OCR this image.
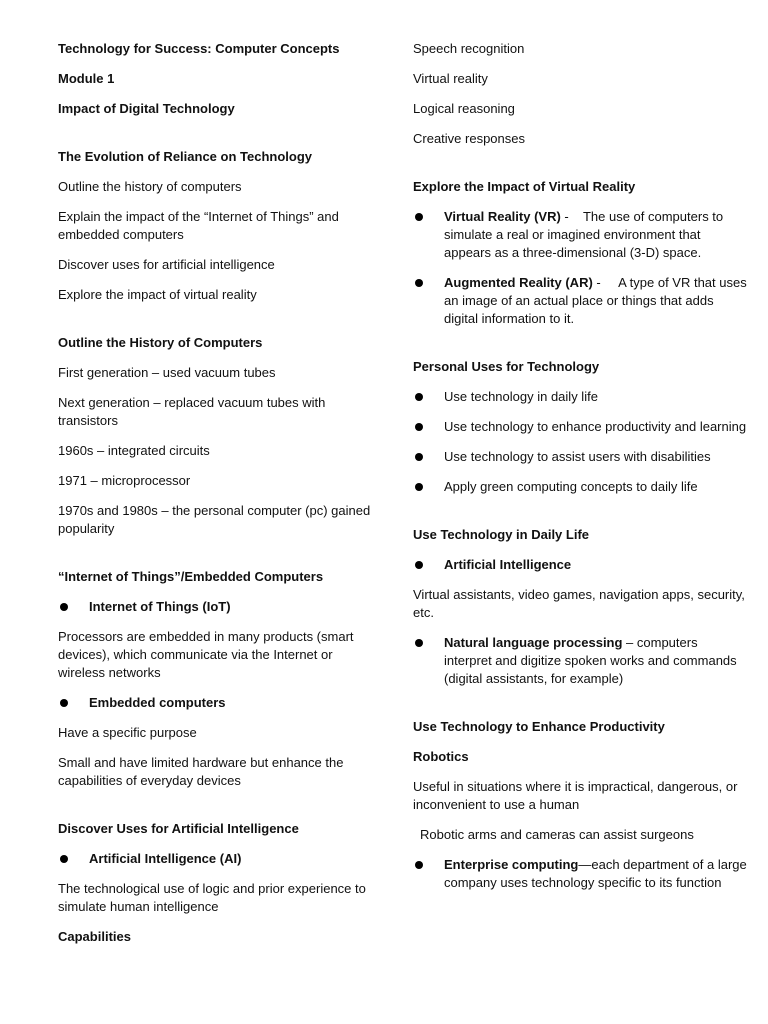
Technology for Success: Computer Concepts

Module 1

Impact of Digital Technology

The Evolution of Reliance on Technology

Outline the history of computers

Explain the impact of the “Internet of Things” and embedded computers

Discover uses for artificial intelligence

Explore the impact of virtual reality

Outline the History of Computers

First generation – used vacuum tubes

Next generation – replaced vacuum tubes with transistors

1960s – integrated circuits

1971 – microprocessor

1970s and 1980s – the personal computer (pc) gained popularity

“Internet of Things”/Embedded Computers

Internet of Things (IoT)

Processors are embedded in many products (smart devices), which communicate via the Internet or wireless networks

Embedded computers

Have a specific purpose

Small and have limited hardware but enhance the capabilities of everyday devices

Discover Uses for Artificial Intelligence

Artificial Intelligence (AI)

The technological use of logic and prior experience to simulate human intelligence

Capabilities

Speech recognition

Virtual reality

Logical reasoning

Creative responses

Explore the Impact of Virtual Reality

Virtual Reality (VR) -    The use of computers to simulate a real or imagined environment that appears as a three-dimensional (3-D) space.
Augmented Reality (AR) -     A type of VR that uses an image of an actual place or things that adds digital information to it.

Personal Uses for Technology

Use technology in daily life
Use technology to enhance productivity and learning
Use technology to assist users with disabilities
Apply green computing concepts to daily life

Use Technology in Daily Life

Artificial Intelligence

Virtual assistants, video games, navigation apps, security, etc.

Natural language processing – computers interpret and digitize spoken works and commands (digital assistants, for example)

Use Technology to Enhance Productivity

Robotics

Useful in situations where it is impractical, dangerous, or inconvenient to use a human

Robotic arms and cameras can assist surgeons

Enterprise computing—each department of a large company uses technology specific to its function
